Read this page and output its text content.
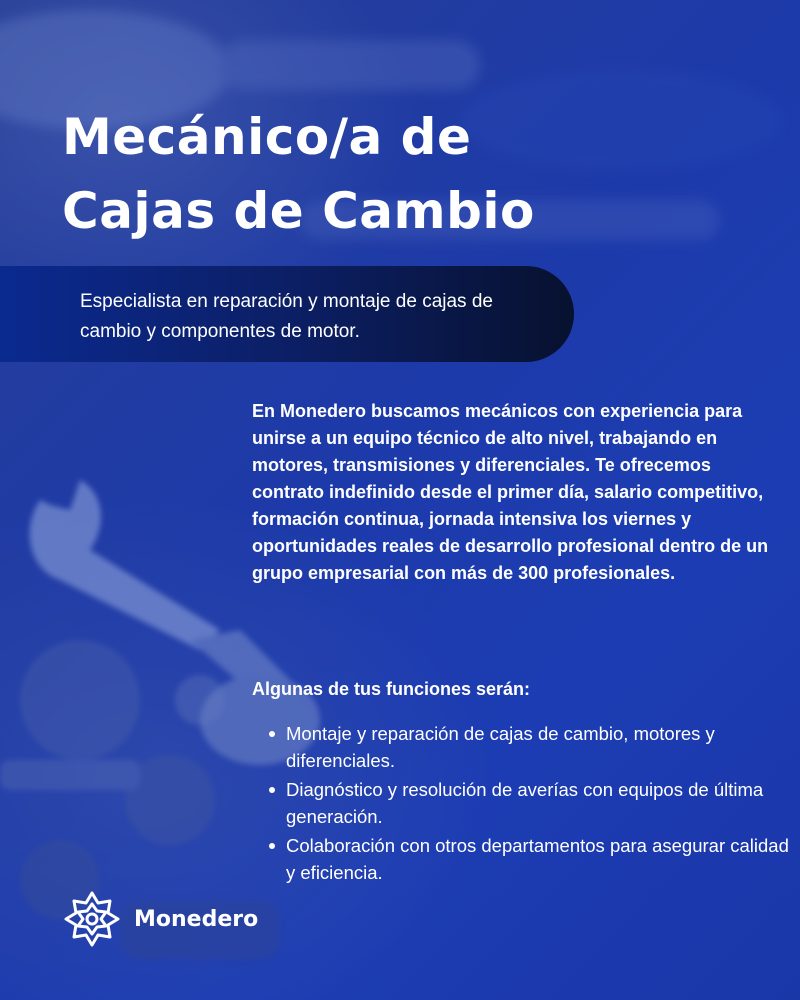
Mecánico/a de
Cajas de Cambio
Especialista en reparación y montaje de cajas de cambio y componentes de motor.
En Monedero buscamos mecánicos con experiencia para unirse a un equipo técnico de alto nivel, trabajando en motores, transmisiones y diferenciales. Te ofrecemos contrato indefinido desde el primer día, salario competitivo, formación continua, jornada intensiva los viernes y oportunidades reales de desarrollo profesional dentro de un grupo empresarial con más de 300 profesionales.
Algunas de tus funciones serán:
Montaje y reparación de cajas de cambio, motores y diferenciales.
Diagnóstico y resolución de averías con equipos de última generación.
Colaboración con otros departamentos para asegurar calidad y eficiencia.
Monedero
